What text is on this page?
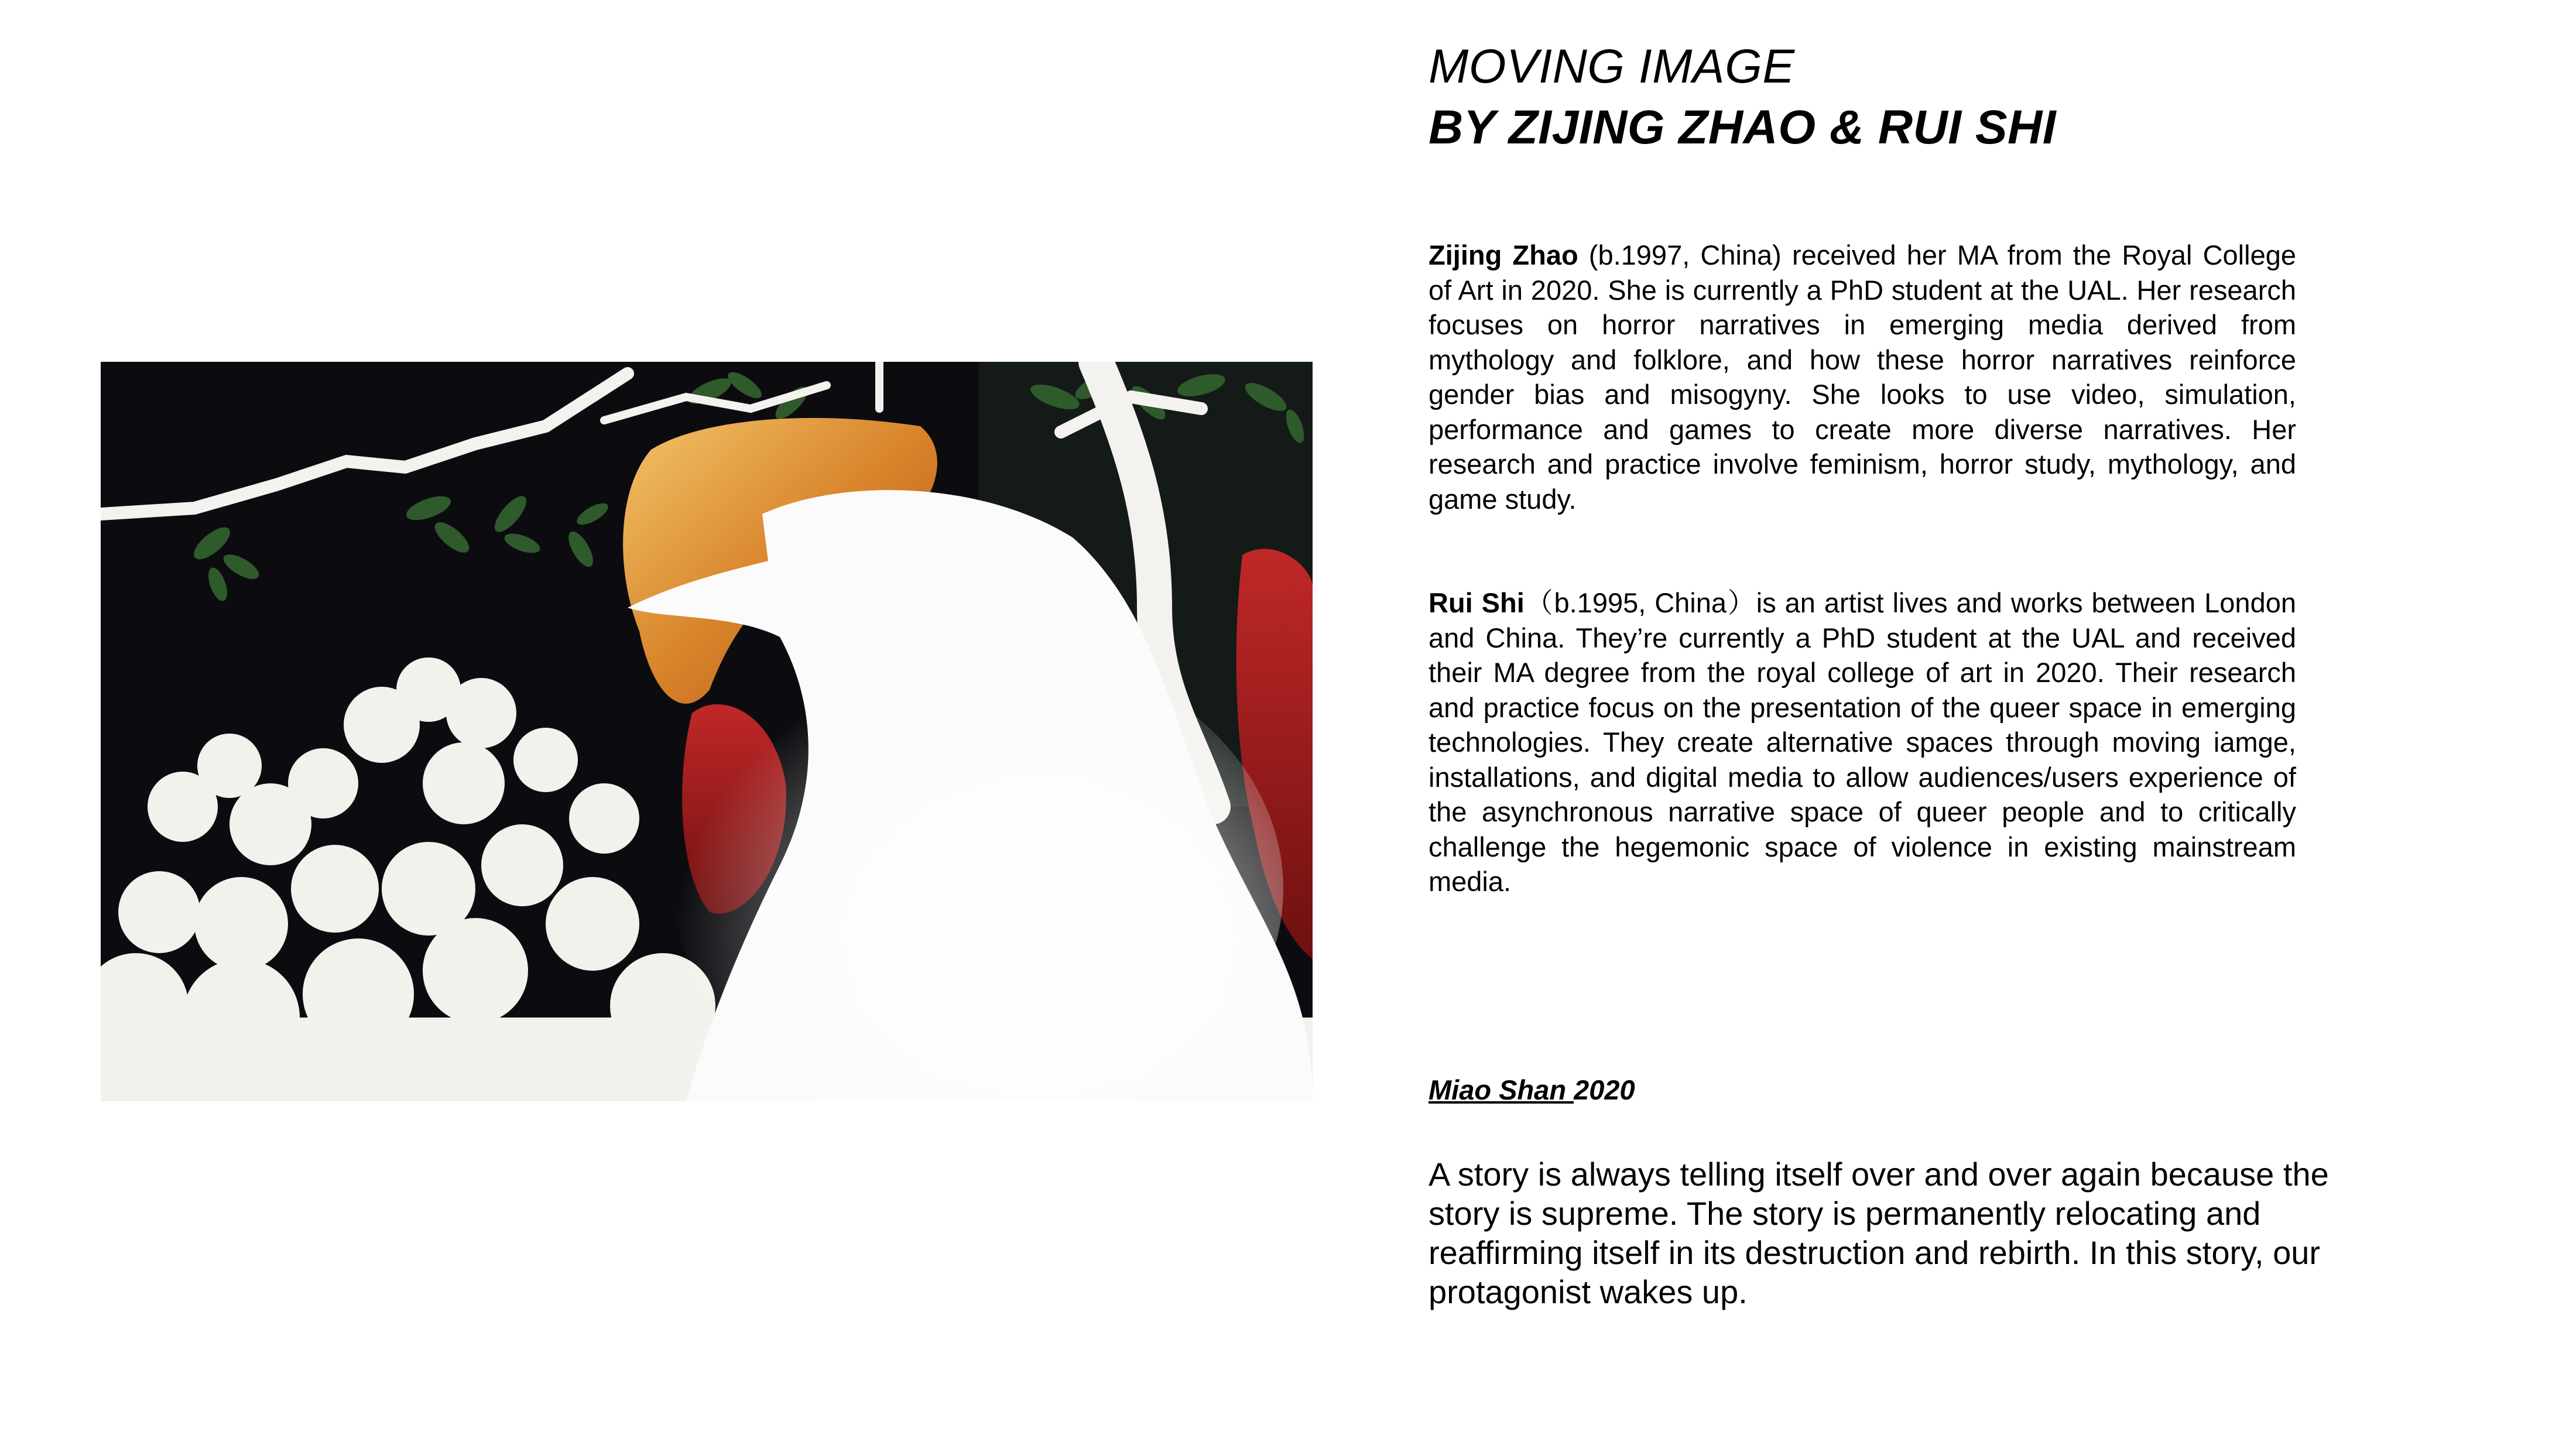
MOVING IMAGE
BY ZIJING ZHAO & RUI SHI

Zijing Zhao (b.1997, China) received her MA from the Royal College of Art in 2020. She is currently a PhD student at the UAL. Her research focuses on horror narratives in emerging media derived from mythology and folklore, and how these horror narratives reinforce gender bias and misogyny. She looks to use video, simulation, performance and games to create more diverse narratives. Her research and practice involve feminism, horror study, mythology, and game study.

Rui Shi（b.1995, China）is an artist lives and works between London and China. They’re currently a PhD student at the UAL and received their MA degree from the royal college of art in 2020. Their research and practice focus on the presentation of the queer space in emerging technologies. They create alternative spaces through moving iamge, installations, and digital media to allow audiences/users experience of the asynchronous narrative space of queer people and to critically challenge the hegemonic space of violence in existing mainstream media.

Miao Shan 2020

A story is always telling itself over and over again because the story is supreme. The story is permanently relocating and reaffirming itself in its destruction and rebirth. In this story, our protagonist wakes up.
